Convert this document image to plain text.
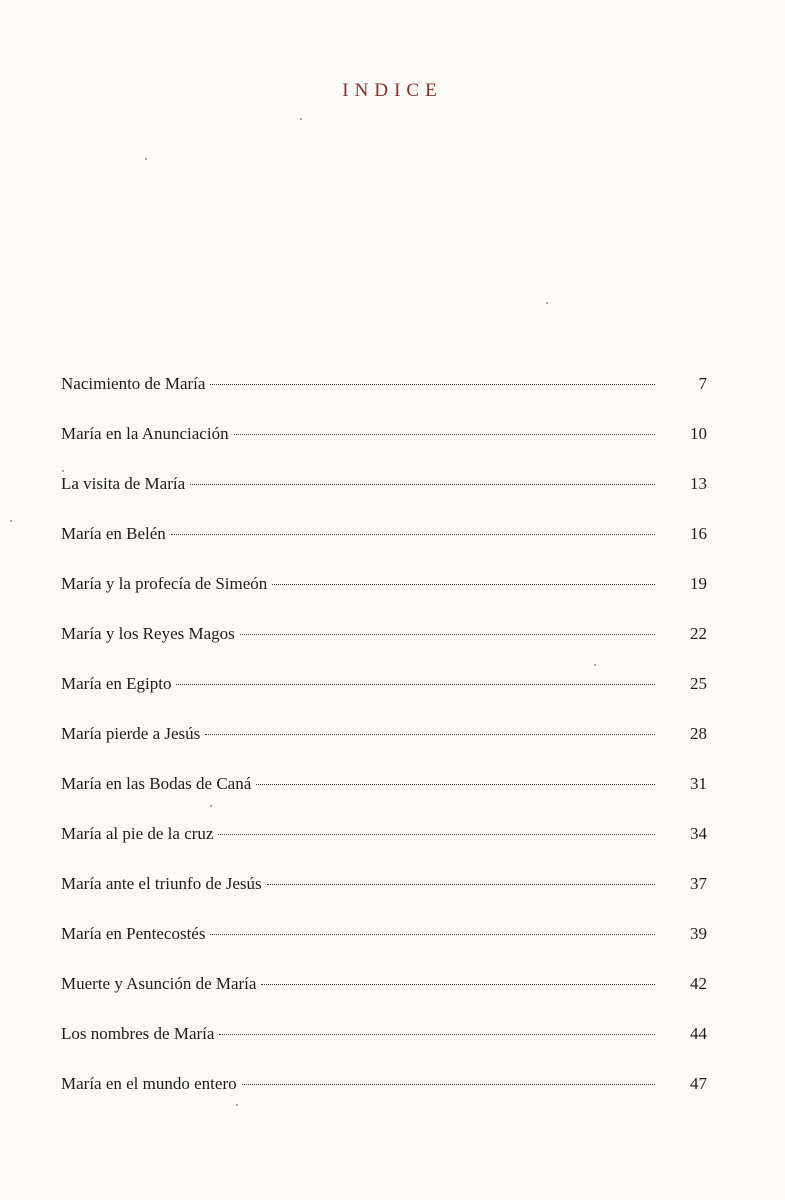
INDICE
Nacimiento de María	7
María en la Anunciación	10
La visita de María	13
María en Belén	16
María y la profecía de Simeón	19
María y los Reyes Magos	22
María en Egipto	25
María pierde a Jesús	28
María en las Bodas de Caná	31
María al pie de la cruz	34
María ante el triunfo de Jesús	37
María en Pentecostés	39
Muerte y Asunción de María	42
Los nombres de María	44
María en el mundo entero	47
